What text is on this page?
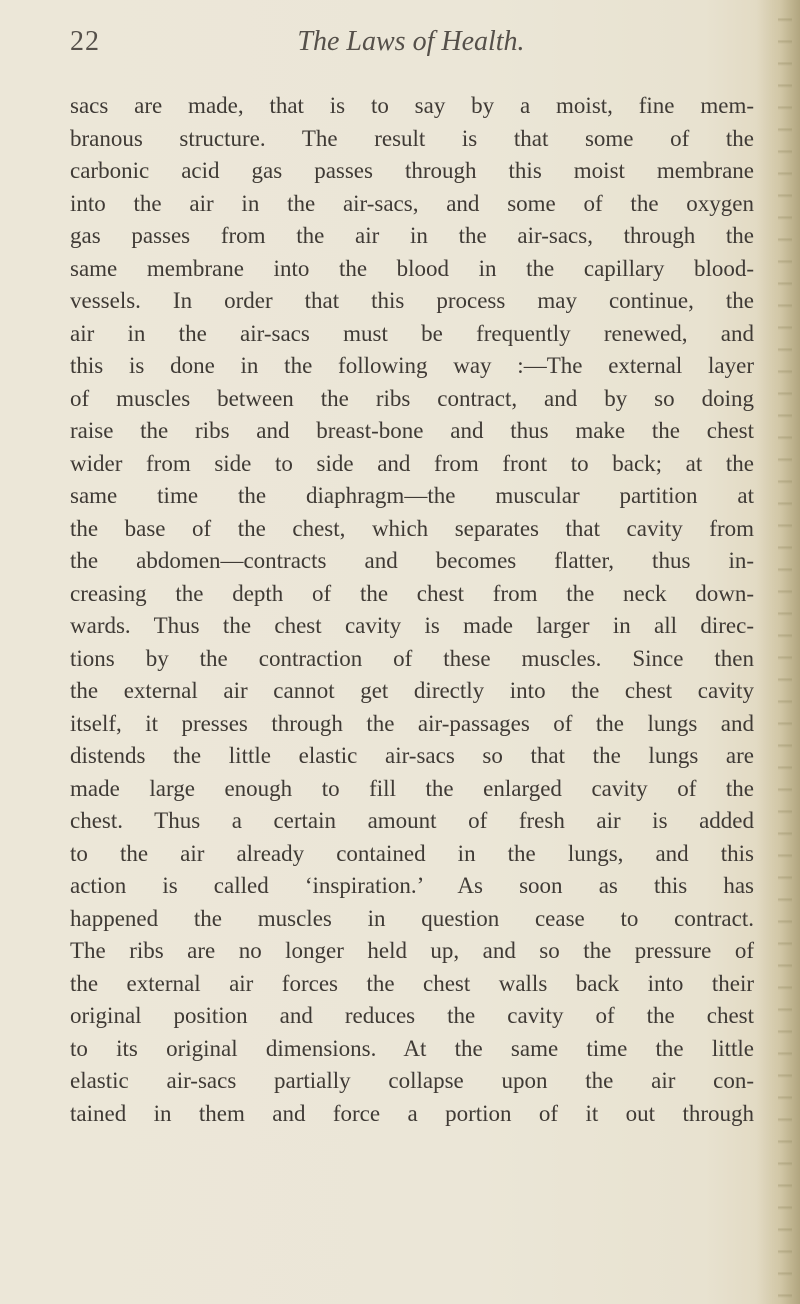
22	The Laws of Health.
sacs are made, that is to say by a moist, fine mem-
branous structure. The result is that some of the
carbonic acid gas passes through this moist membrane
into the air in the air-sacs, and some of the oxygen
gas passes from the air in the air-sacs, through the
same membrane into the blood in the capillary blood-
vessels. In order that this process may continue, the
air in the air-sacs must be frequently renewed, and
this is done in the following way :—The external layer
of muscles between the ribs contract, and by so doing
raise the ribs and breast-bone and thus make the chest
wider from side to side and from front to back; at the
same time the diaphragm—the muscular partition at
the base of the chest, which separates that cavity from
the abdomen—contracts and becomes flatter, thus in-
creasing the depth of the chest from the neck down-
wards. Thus the chest cavity is made larger in all direc-
tions by the contraction of these muscles. Since then
the external air cannot get directly into the chest cavity
itself, it presses through the air-passages of the lungs and
distends the little elastic air-sacs so that the lungs are
made large enough to fill the enlarged cavity of the
chest. Thus a certain amount of fresh air is added
to the air already contained in the lungs, and this
action is called ‘inspiration.’ As soon as this has
happened the muscles in question cease to contract.
The ribs are no longer held up, and so the pressure of
the external air forces the chest walls back into their
original position and reduces the cavity of the chest
to its original dimensions. At the same time the little
elastic air-sacs partially collapse upon the air con-
tained in them and force a portion of it out through
